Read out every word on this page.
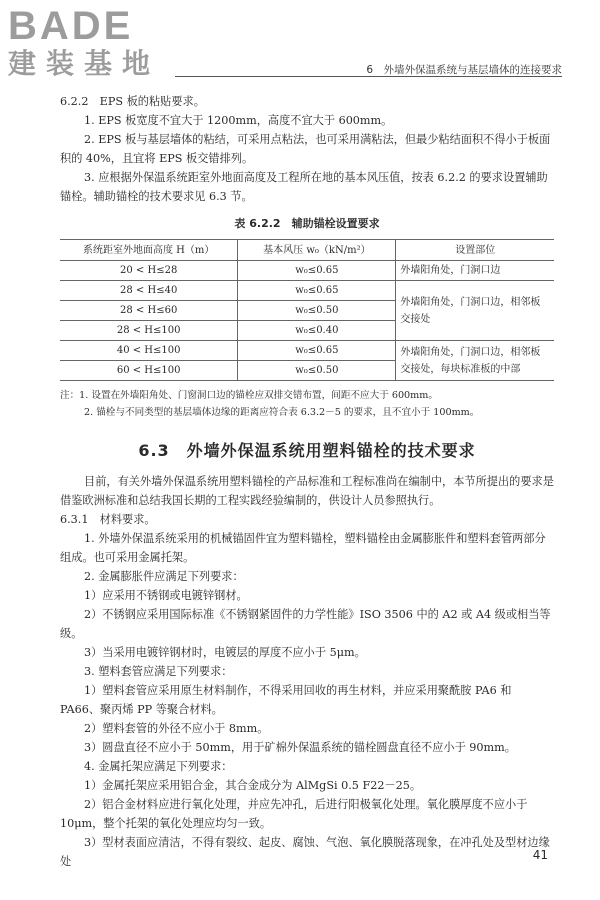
BADE
建装基地	6　外墙外保温系统与基层墙体的连接要求

6.2.2　EPS 板的粘贴要求。

1. EPS 板宽度不宜大于 1200mm，高度不宜大于 600mm。

2. EPS 板与基层墙体的粘结，可采用点粘法，也可采用满粘法，但最少粘结面积不得小于板面积的 40%，且宜将 EPS 板交错排列。

3. 应根据外保温系统距室外地面高度及工程所在地的基本风压值，按表 6.2.2 的要求设置辅助锚栓。辅助锚栓的技术要求见 6.3 节。

表 6.2.2　辅助锚栓设置要求
系统距室外地面高度 H（m）	基本风压 w₀（kN/m²）	设置部位
20 < H≤28	w₀≤0.65	外墙阳角处，门洞口边
28 < H≤40	w₀≤0.65	外墙阳角处，门洞口边，相邻板交接处
28 < H≤60	w₀≤0.50	
28 < H≤100	w₀≤0.40	
40 < H≤100	w₀≤0.65	外墙阳角处，门洞口边，相邻板交接处，每块标准板的中部
60 < H≤100	w₀≤0.50	
注：1. 设置在外墙阳角处、门窗洞口边的锚栓应双排交错布置，间距不应大于 600mm。
2. 锚栓与不同类型的基层墙体边缘的距离应符合表 6.3.2－5 的要求，且不宜小于 100mm。
6.3　外墙外保温系统用塑料锚栓的技术要求

目前，有关外墙外保温系统用塑料锚栓的产品标准和工程标准尚在编制中，本节所提出的要求是借鉴欧洲标准和总结我国长期的工程实践经验编制的，供设计人员参照执行。

6.3.1　材料要求。

1. 外墙外保温系统采用的机械锚固件宜为塑料锚栓，塑料锚栓由金属膨胀件和塑料套管两部分组成。也可采用金属托架。

2. 金属膨胀件应满足下列要求：

1）应采用不锈钢或电镀锌钢材。

2）不锈钢应采用国际标准《不锈钢紧固件的力学性能》ISO 3506 中的 A2 或 A4 级或相当等级。

3）当采用电镀锌钢材时，电镀层的厚度不应小于 5μm。

3. 塑料套管应满足下列要求：

1）塑料套管应采用原生材料制作，不得采用回收的再生材料，并应采用聚酰胺 PA6 和 PA66、聚丙烯 PP 等聚合材料。

2）塑料套管的外径不应小于 8mm。

3）圆盘直径不应小于 50mm，用于矿棉外保温系统的锚栓圆盘直径不应小于 90mm。

4. 金属托架应满足下列要求：

1）金属托架应采用铝合金，其合金成分为 AlMgSi 0.5 F22－25。

2）铝合金材料应进行氧化处理，并应先冲孔，后进行阳极氧化处理。氧化膜厚度不应小于 10μm，整个托架的氧化处理应均匀一致。

3）型材表面应清洁，不得有裂纹、起皮、腐蚀、气泡、氧化膜脱落现象，在冲孔处及型材边缘处	41
